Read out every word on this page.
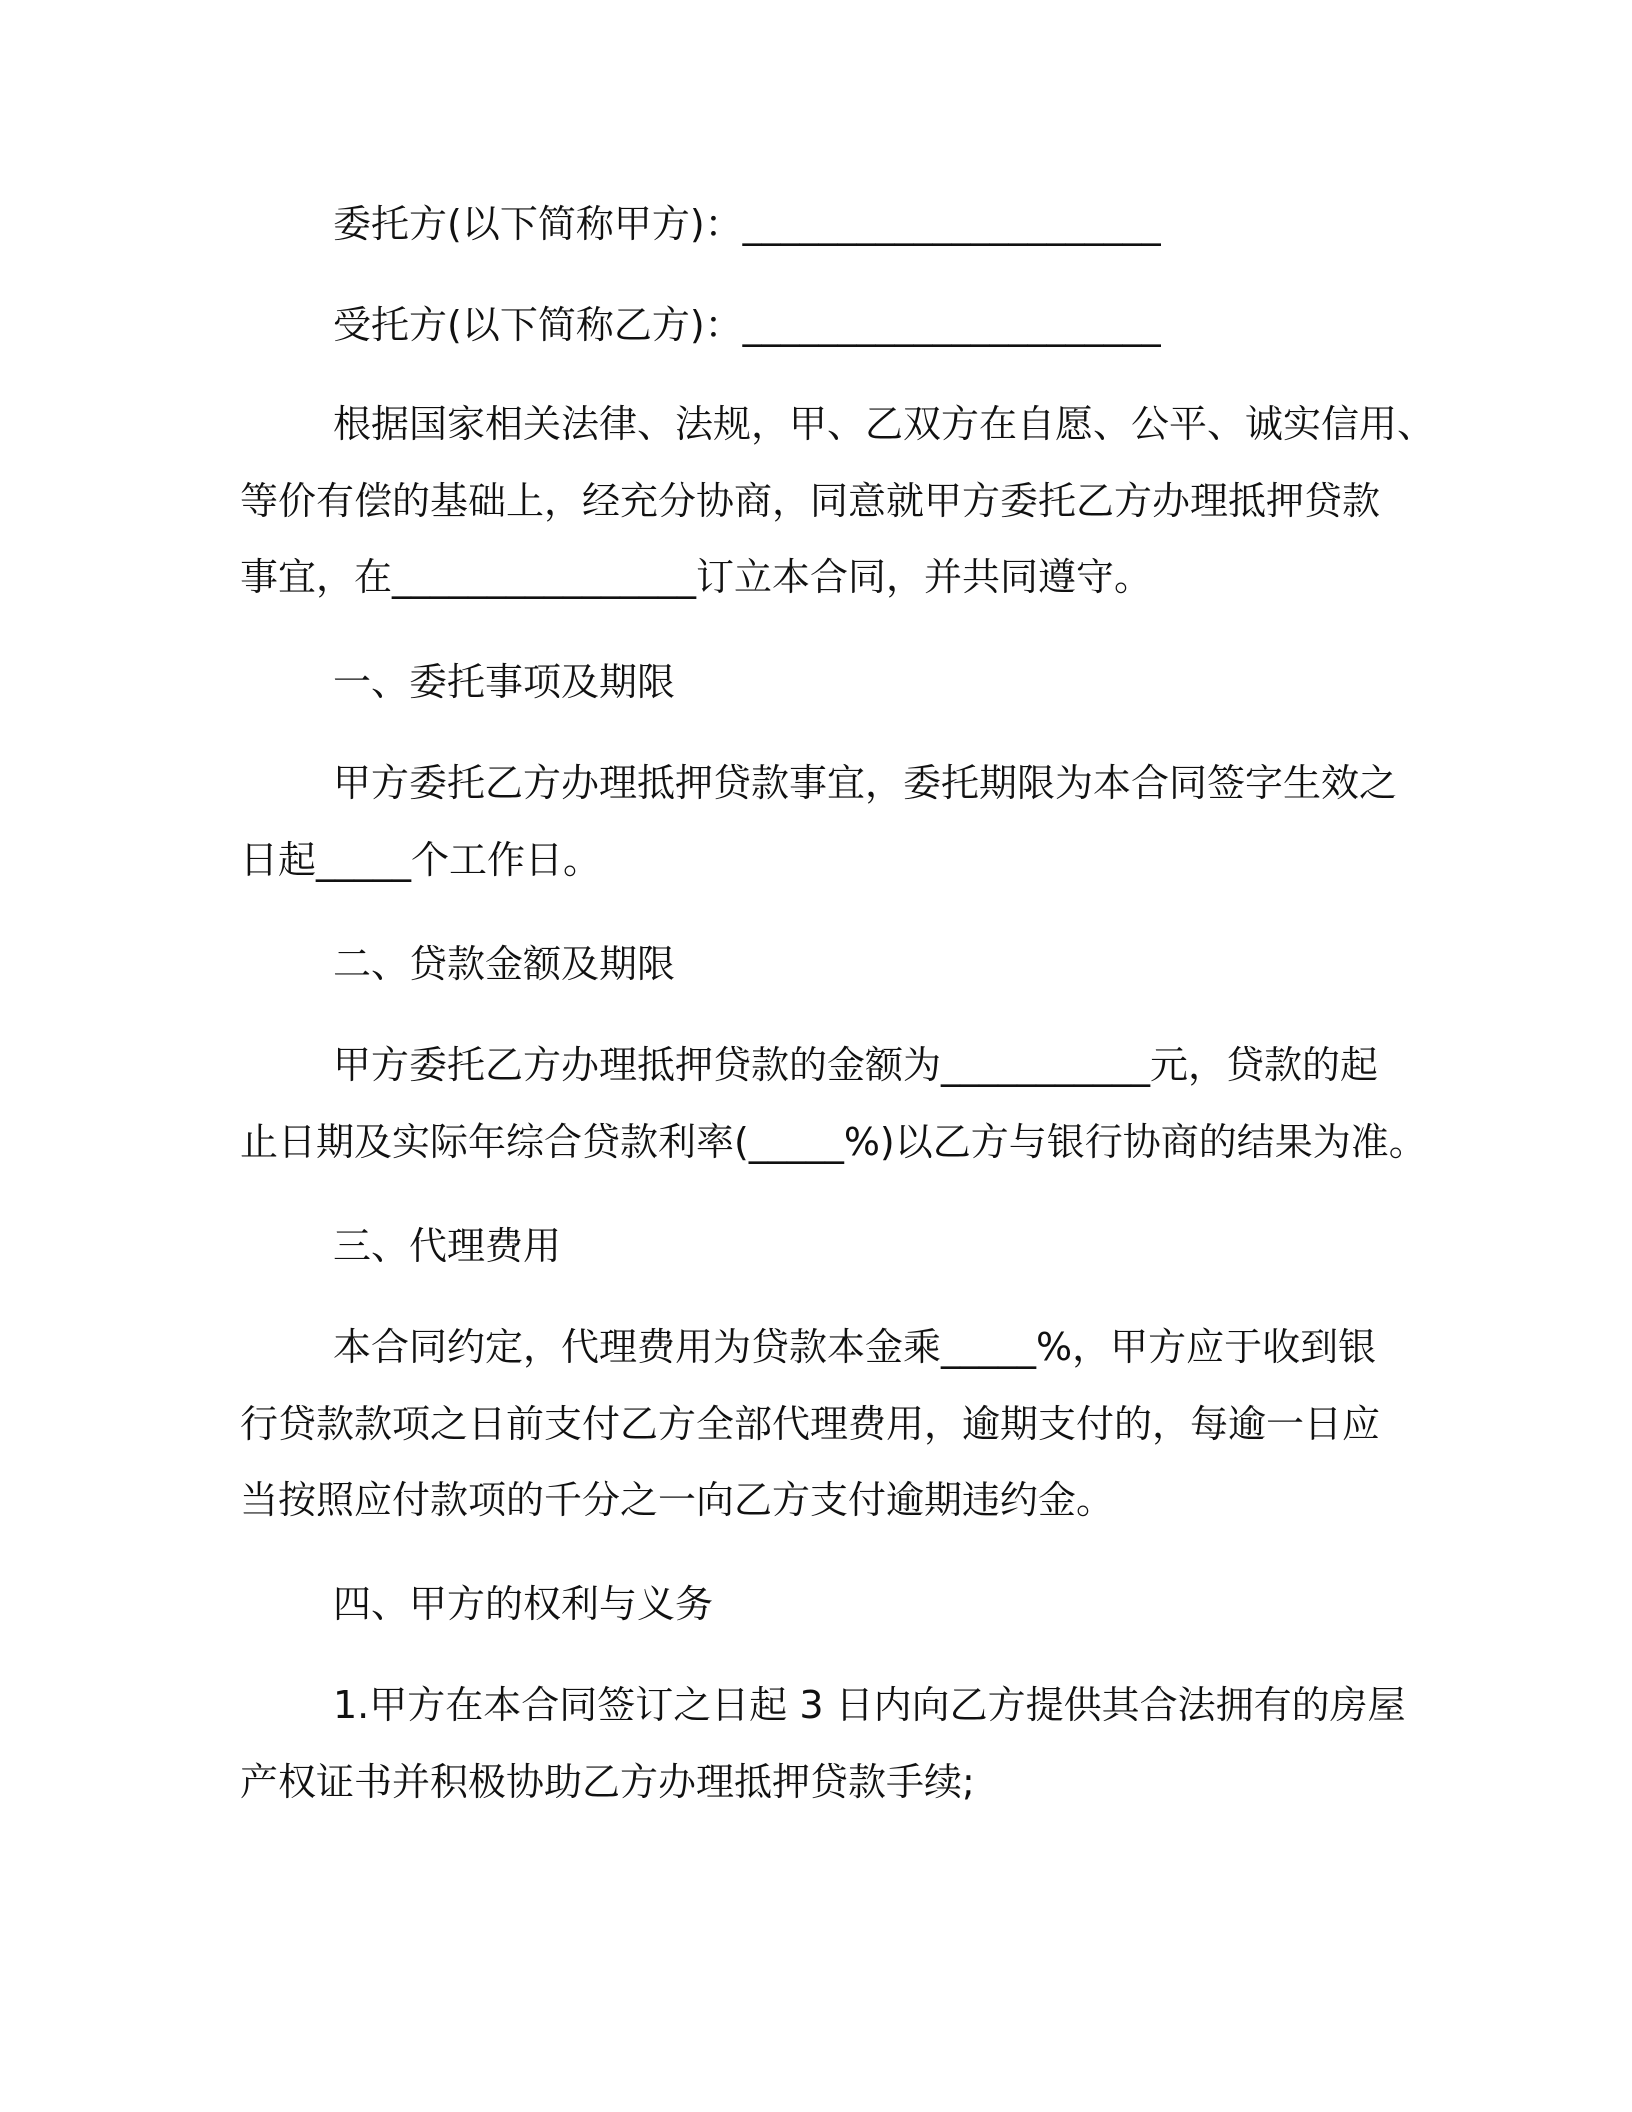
委托方(以下简称甲方)：______________________
受托方(以下简称乙方)：______________________
根据国家相关法律、法规，甲、乙双方在自愿、公平、诚实信用、
等价有偿的基础上，经充分协商，同意就甲方委托乙方办理抵押贷款
事宜，在________________订立本合同，并共同遵守。
一、委托事项及期限
甲方委托乙方办理抵押贷款事宜，委托期限为本合同签字生效之
日起_____个工作日。
二、贷款金额及期限
甲方委托乙方办理抵押贷款的金额为___________元，贷款的起
止日期及实际年综合贷款利率(_____%)以乙方与银行协商的结果为准。
三、代理费用
本合同约定，代理费用为贷款本金乘_____%，甲方应于收到银
行贷款款项之日前支付乙方全部代理费用，逾期支付的，每逾一日应
当按照应付款项的千分之一向乙方支付逾期违约金。
四、甲方的权利与义务
1.甲方在本合同签订之日起 3 日内向乙方提供其合法拥有的房屋
产权证书并积极协助乙方办理抵押贷款手续;
